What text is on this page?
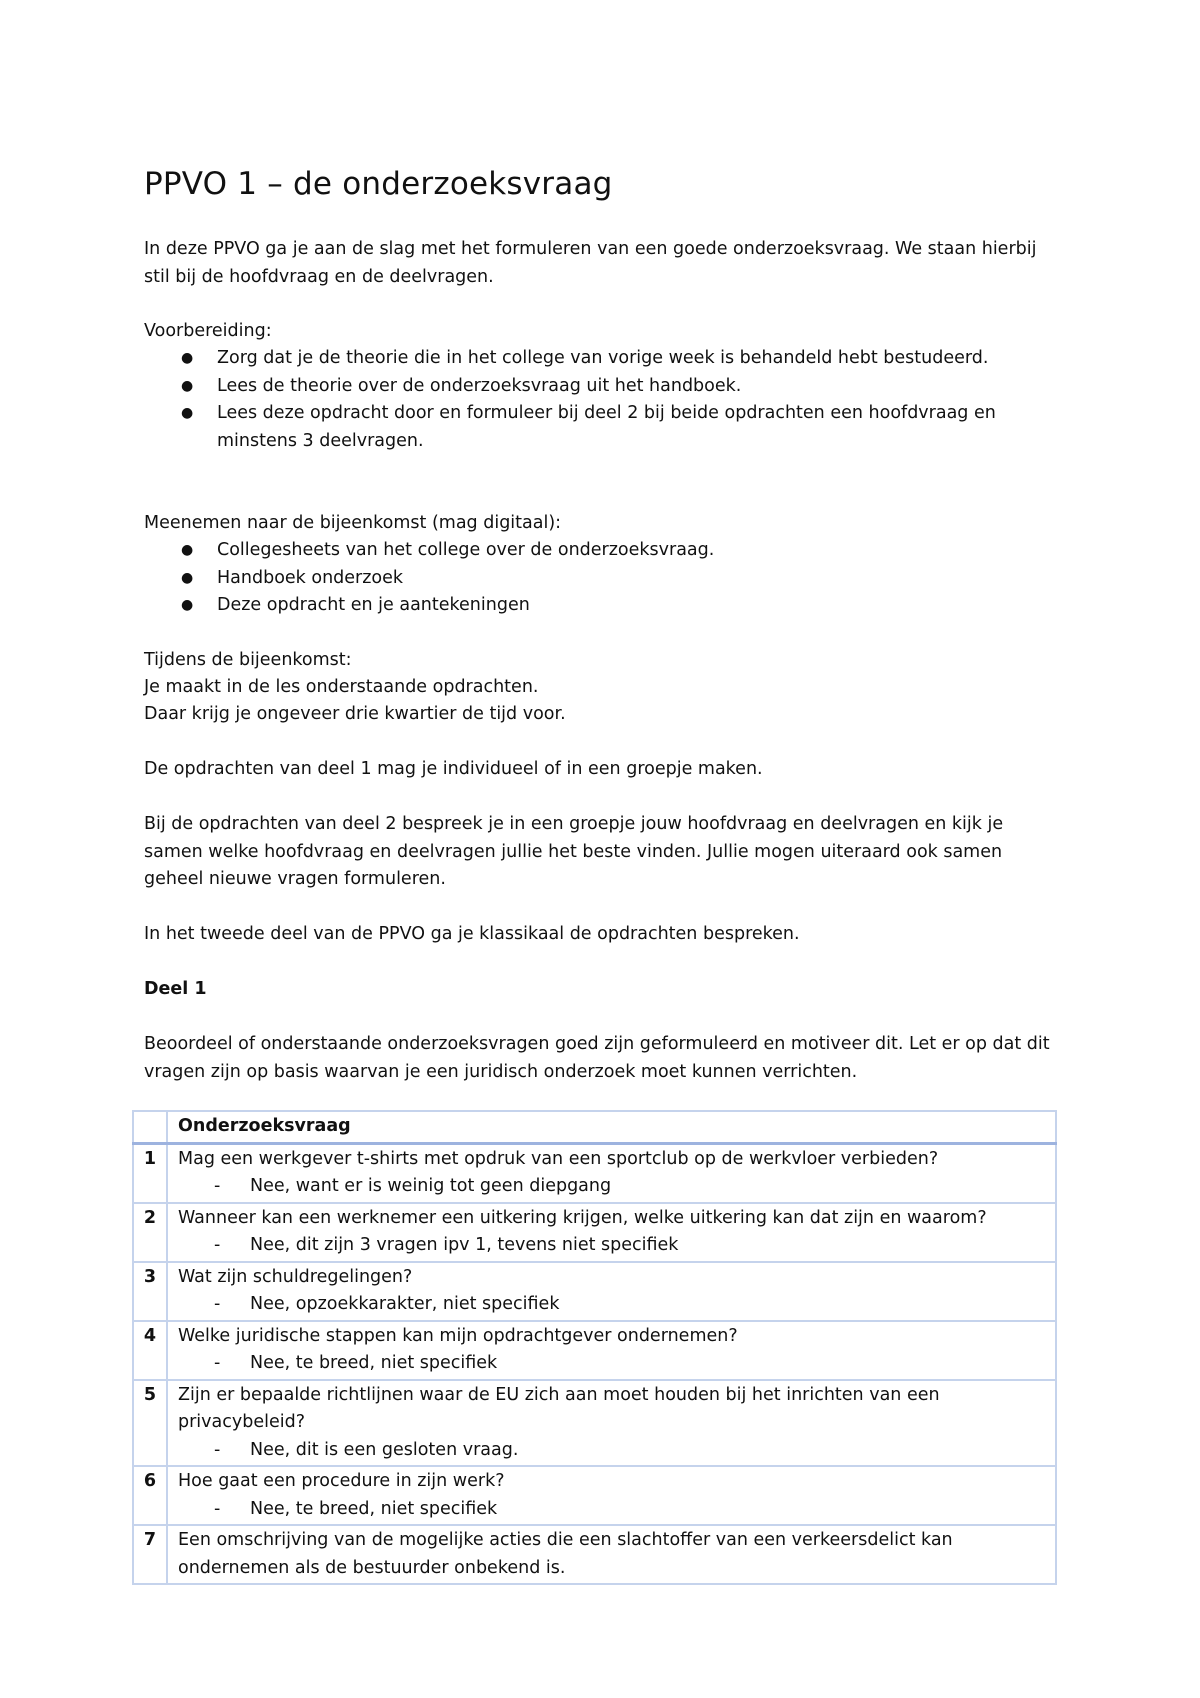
PPVO 1 – de onderzoeksvraag

In deze PPVO ga je aan de slag met het formuleren van een goede onderzoeksvraag. We staan hierbij stil bij de hoofdvraag en de deelvragen.

Voorbereiding:

● Zorg dat je de theorie die in het college van vorige week is behandeld hebt bestudeerd.
● Lees de theorie over de onderzoeksvraag uit het handboek.
● Lees deze opdracht door en formuleer bij deel 2 bij beide opdrachten een hoofdvraag en minstens 3 deelvragen.

Meenemen naar de bijeenkomst (mag digitaal):

● Collegesheets van het college over de onderzoeksvraag.
● Handboek onderzoek
● Deze opdracht en je aantekeningen

Tijdens de bijeenkomst:

Je maakt in de les onderstaande opdrachten.

Daar krijg je ongeveer drie kwartier de tijd voor.

De opdrachten van deel 1 mag je individueel of in een groepje maken.

Bij de opdrachten van deel 2 bespreek je in een groepje jouw hoofdvraag en deelvragen en kijk je samen welke hoofdvraag en deelvragen jullie het beste vinden. Jullie mogen uiteraard ook samen geheel nieuwe vragen formuleren.

In het tweede deel van de PPVO ga je klassikaal de opdrachten bespreken.

Deel 1

Beoordeel of onderstaande onderzoeksvragen goed zijn geformuleerd en motiveer dit. Let er op dat dit vragen zijn op basis waarvan je een juridisch onderzoek moet kunnen verrichten.

	Onderzoeksvraag
1	Mag een werkgever t-shirts met opdruk van een sportclub op de werkvloer verbieden?
- Nee, want er is weinig tot geen diepgang

2	Wanneer kan een werknemer een uitkering krijgen, welke uitkering kan dat zijn en waarom?
- Nee, dit zijn 3 vragen ipv 1, tevens niet specifiek

3	Wat zijn schuldregelingen?
- Nee, opzoekkarakter, niet specifiek

4	Welke juridische stappen kan mijn opdrachtgever ondernemen?
- Nee, te breed, niet specifiek

5	Zijn er bepaalde richtlijnen waar de EU zich aan moet houden bij het inrichten van een privacybeleid?
- Nee, dit is een gesloten vraag.

6	Hoe gaat een procedure in zijn werk?
- Nee, te breed, niet specifiek

7	Een omschrijving van de mogelijke acties die een slachtoffer van een verkeersdelict kan ondernemen als de bestuurder onbekend is.
